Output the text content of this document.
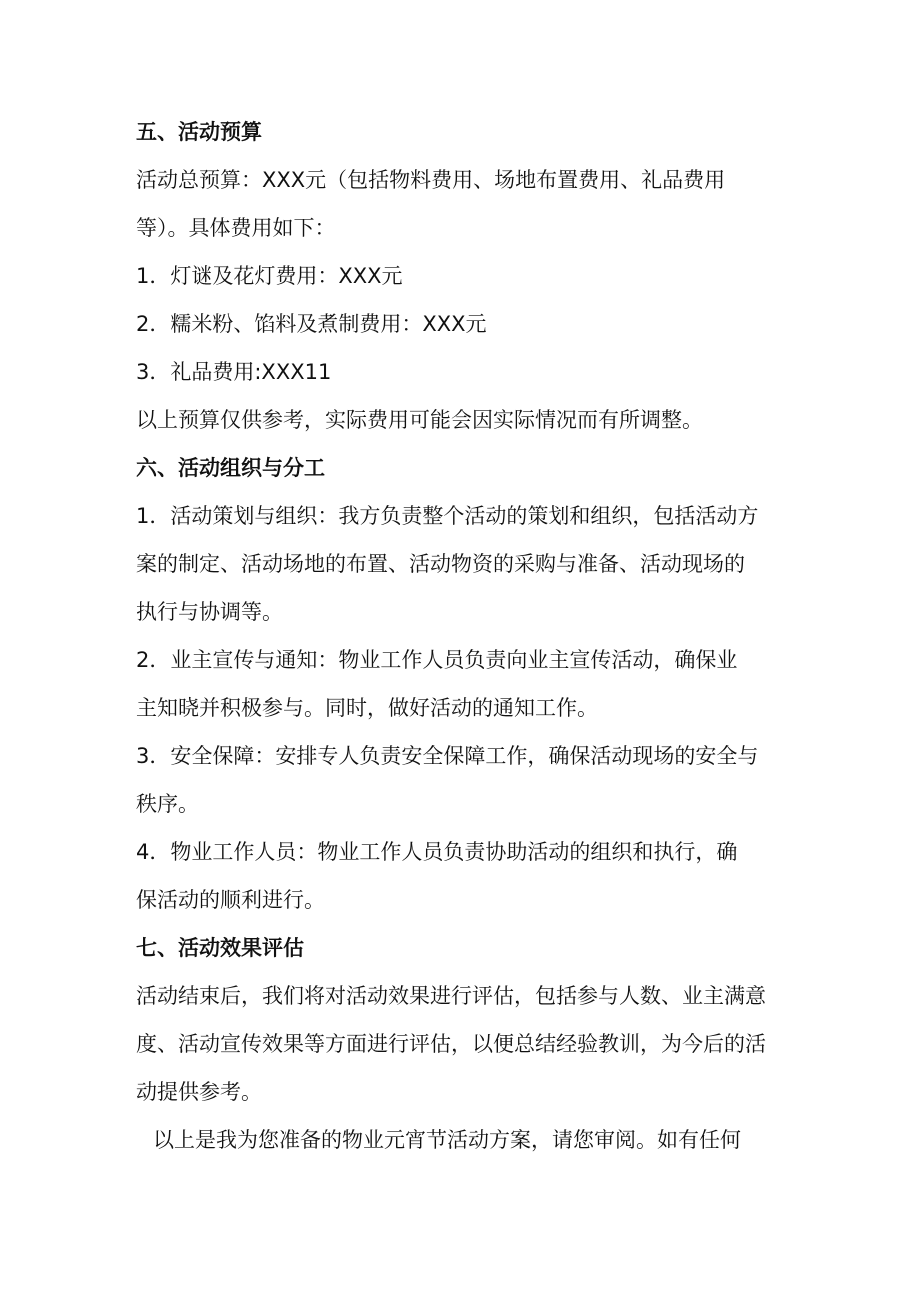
五、活动预算
活动总预算：XXX元（包括物料费用、场地布置费用、礼品费用
等）。具体费用如下：
1．灯谜及花灯费用：XXX元
2．糯米粉、馅料及煮制费用：XXX元
3．礼品费用:XXX11
以上预算仅供参考，实际费用可能会因实际情况而有所调整。
六、活动组织与分工
1．活动策划与组织：我方负责整个活动的策划和组织，包括活动方
案的制定、活动场地的布置、活动物资的采购与准备、活动现场的
执行与协调等。
2．业主宣传与通知：物业工作人员负责向业主宣传活动，确保业
主知晓并积极参与。同时，做好活动的通知工作。
3．安全保障：安排专人负责安全保障工作，确保活动现场的安全与
秩序。
4．物业工作人员：物业工作人员负责协助活动的组织和执行，确
保活动的顺利进行。
七、活动效果评估
活动结束后，我们将对活动效果进行评估，包括参与人数、业主满意
度、活动宣传效果等方面进行评估，以便总结经验教训，为今后的活
动提供参考。
以上是我为您准备的物业元宵节活动方案，请您审阅。如有任何
